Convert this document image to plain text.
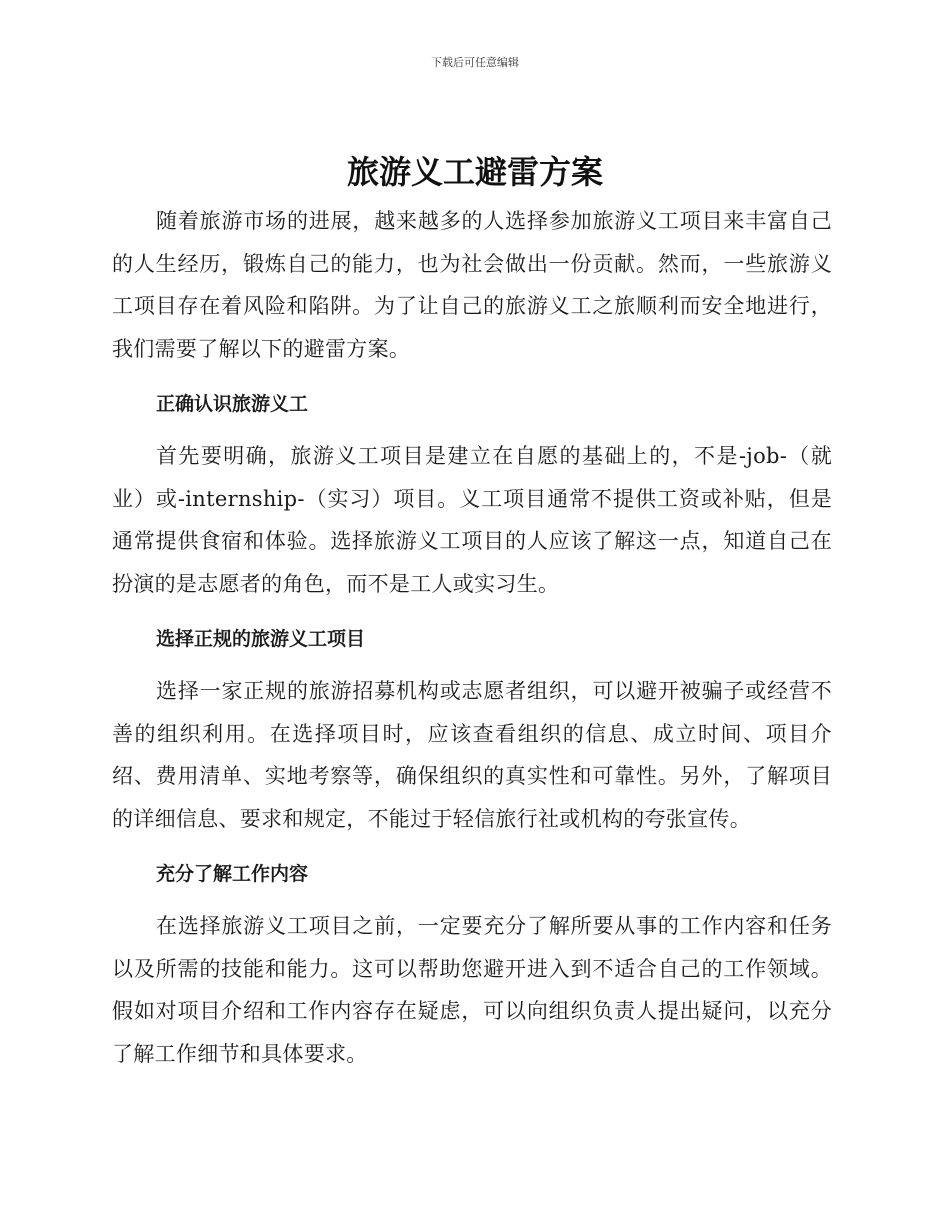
下载后可任意编辑
旅游义工避雷方案

随着旅游市场的进展，越来越多的人选择参加旅游义工项目来丰富自己的人生经历，锻炼自己的能力，也为社会做出一份贡献。然而，一些旅游义工项目存在着风险和陷阱。为了让自己的旅游义工之旅顺利而安全地进行，我们需要了解以下的避雷方案。

正确认识旅游义工

首先要明确，旅游义工项目是建立在自愿的基础上的，不是-job-（就业）或-internship-（实习）项目。义工项目通常不提供工资或补贴，但是通常提供食宿和体验。选择旅游义工项目的人应该了解这一点，知道自己在扮演的是志愿者的角色，而不是工人或实习生。

选择正规的旅游义工项目

选择一家正规的旅游招募机构或志愿者组织，可以避开被骗子或经营不善的组织利用。在选择项目时，应该查看组织的信息、成立时间、项目介绍、费用清单、实地考察等，确保组织的真实性和可靠性。另外，了解项目的详细信息、要求和规定，不能过于轻信旅行社或机构的夸张宣传。

充分了解工作内容

在选择旅游义工项目之前，一定要充分了解所要从事的工作内容和任务以及所需的技能和能力。这可以帮助您避开进入到不适合自己的工作领域。假如对项目介绍和工作内容存在疑虑，可以向组织负责人提出疑问，以充分了解工作细节和具体要求。
